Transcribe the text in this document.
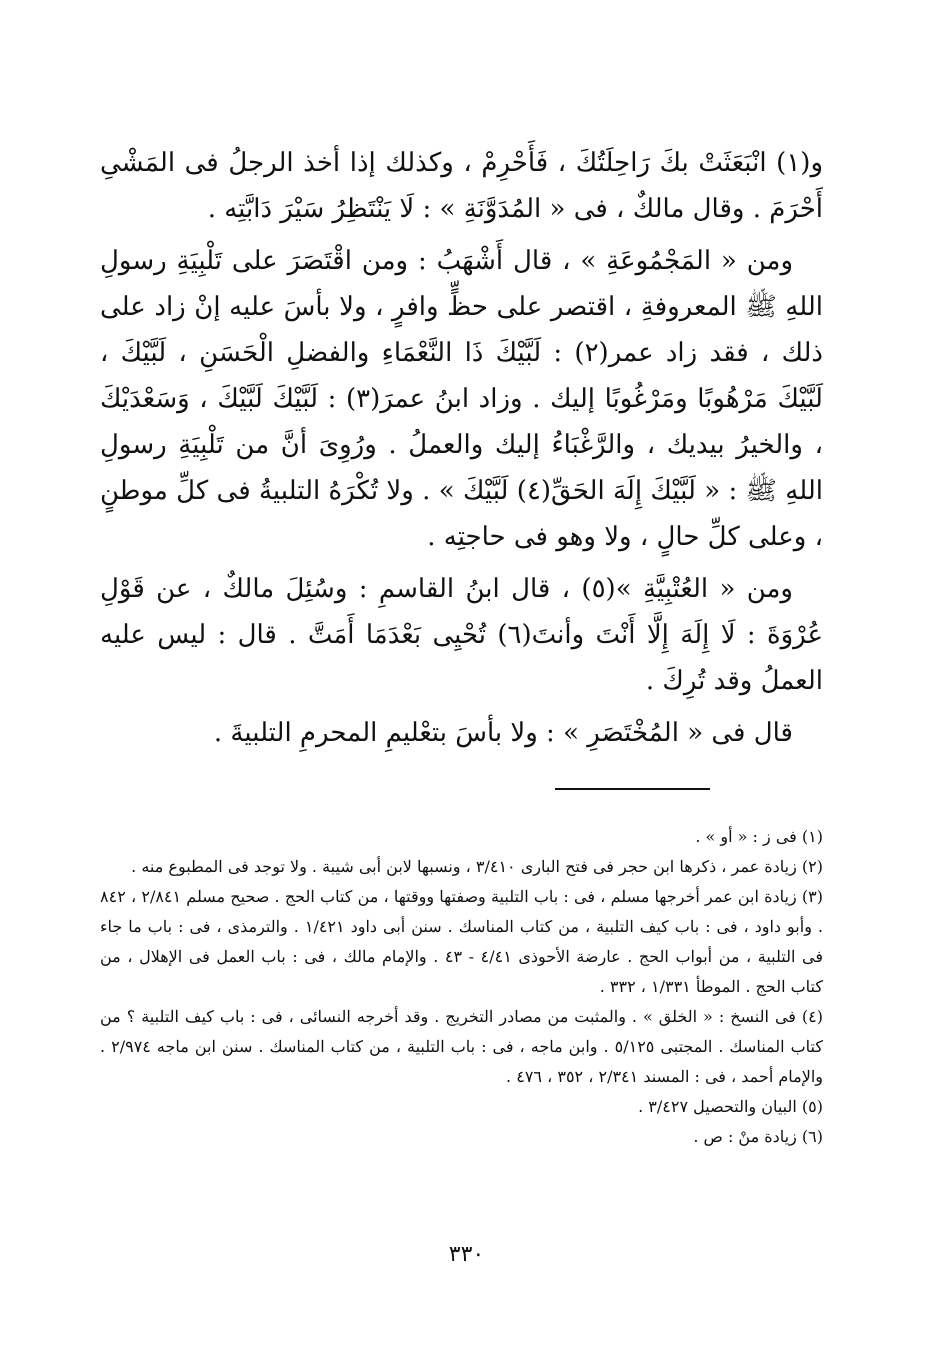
و(١) انْبَعَثَتْ بكَ رَاحِلَتُكَ ، فَأَحْرِمْ ، وكذلك إذا أخذ الرجلُ فى المَشْىِ أَحْرَمَ . وقال مالكٌ ، فى « المُدَوَّنَةِ » : لَا يَنْتَظِرُ سَيْرَ دَابَّتِه .

ومن « المَجْمُوعَةِ » ، قال أَشْهَبُ : ومن اقْتَصَرَ على تَلْبِيَةِ رسولِ اللهِ ﷺ المعروفةِ ، اقتصر على حظٍّ وافرٍ ، ولا بأسَ عليه إنْ زاد على ذلك ، فقد زاد عمر(٢) : لَبَّيْكَ ذَا النَّعْمَاءِ والفضلِ الْحَسَنِ ، لَبَّيْكَ ، لَبَّيْكَ مَرْهُوبًا ومَرْغُوبًا إليك . وزاد ابنُ عمرَ(٣) : لَبَّيْكَ لَبَّيْكَ ، وَسَعْدَيْكَ ، والخيرُ بيديك ، والرَّغْبَاءُ إليك والعملُ . ورُوِىَ أنَّ من تَلْبِيَةِ رسولِ اللهِ ﷺ : « لَبَّيْكَ إِلَهَ الحَقِّ(٤) لَبَّيْكَ » . ولا تُكْرَهُ التلبيةُ فى كلِّ موطنٍ ، وعلى كلِّ حالٍ ، ولا وهو فى حاجتِه .

ومن « العُتْبِيَّةِ »(٥) ، قال ابنُ القاسمِ : وسُئِلَ مالكٌ ، عن قَوْلِ عُرْوَةَ : لَا إِلَهَ إِلَّا أَنْتَ وأنتَ(٦) تُحْيِى بَعْدَمَا أَمَتَّ . قال : ليس عليه العملُ وقد تُرِكَ .

قال فى « المُخْتَصَرِ » : ولا بأسَ بتعْليمِ المحرمِ التلبيةَ .

(١) فى ز : « أو » .
(٢) زيادة عمر ، ذكرها ابن حجر فى فتح البارى ٣/٤١٠ ، ونسبها لابن أبى شيبة . ولا توجد فى المطبوع منه .
(٣) زيادة ابن عمر أخرجها مسلم ، فى : باب التلبية وصفتها ووقتها ، من كتاب الحج . صحيح مسلم ٢/٨٤١ ، ٨٤٢ . وأبو داود ، فى : باب كيف التلبية ، من كتاب المناسك . سنن أبى داود ١/٤٢١ . والترمذى ، فى : باب ما جاء فى التلبية ، من أبواب الحج . عارضة الأحوذى ٤/٤١ - ٤٣ . والإمام مالك ، فى : باب العمل فى الإهلال ، من كتاب الحج . الموطأ ١/٣٣١ ، ٣٣٢ .
(٤) فى النسخ : « الخلق » . والمثبت من مصادر التخريج . وقد أخرجه النسائى ، فى : باب كيف التلبية ؟ من كتاب المناسك . المجتبى ٥/١٢٥ . وابن ماجه ، فى : باب التلبية ، من كتاب المناسك . سنن ابن ماجه ٢/٩٧٤ . والإمام أحمد ، فى : المسند ٢/٣٤١ ، ٣٥٢ ، ٤٧٦ .
(٥) البيان والتحصيل ٣/٤٢٧ .
(٦) زيادة منْ : ص .
٣٣٠
